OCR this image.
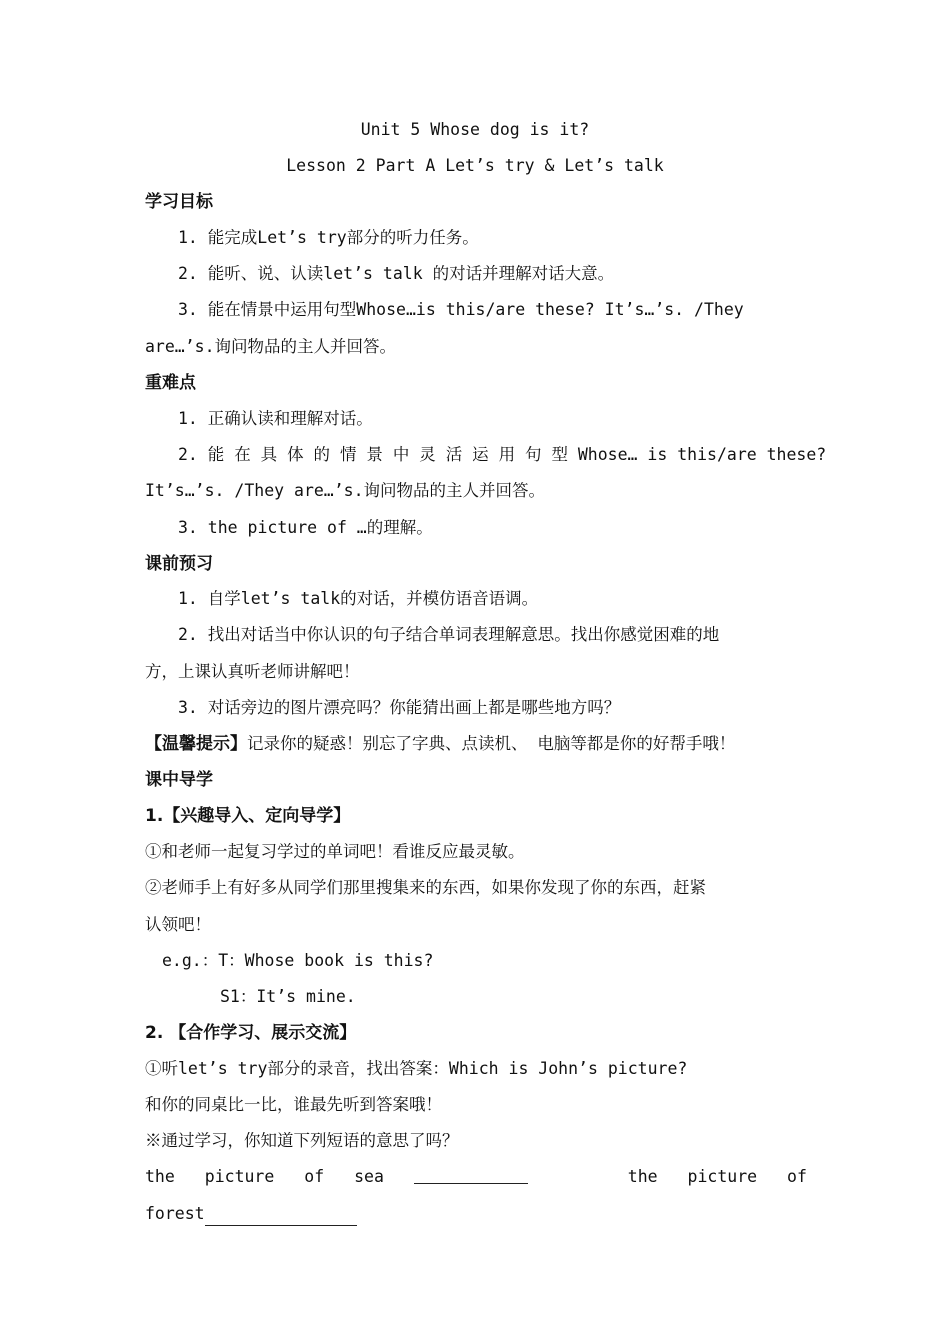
Unit 5 Whose dog is it?
Lesson 2 Part A Let’s try & Let’s talk
学习目标
1. 能完成Let’s try部分的听力任务。
2. 能听、说、认读let’s talk 的对话并理解对话大意。
3. 能在情景中运用句型Whose…is this/are these? It’s…’s. /They
are…’s.询问物品的主人并回答。
重难点
1. 正确认读和理解对话。
2. 能 在 具 体 的 情 景 中 灵 活 运 用 句 型 Whose… is this/are these?
It’s…’s. /They are…’s.询问物品的主人并回答。
3. the picture of …的理解。
课前预习
1. 自学let’s talk的对话，并模仿语音语调。
2. 找出对话当中你认识的句子结合单词表理解意思。找出你感觉困难的地
方，上课认真听老师讲解吧！
3. 对话旁边的图片漂亮吗？你能猜出画上都是哪些地方吗？
【温馨提示】记录你的疑惑！别忘了字典、点读机、 电脑等都是你的好帮手哦！
课中导学
1.【兴趣导入、定向导学】
①和老师一起复习学过的单词吧！看谁反应最灵敏。
②老师手上有好多从同学们那里搜集来的东西，如果你发现了你的东西，赶紧
认领吧！
e.g.：T：Whose book is this?
S1：It’s mine.
2. 【合作学习、展示交流】
①听let’s try部分的录音，找出答案：Which is John’s picture?
和你的同桌比一比，谁最先听到答案哦！
※通过学习，你知道下列短语的意思了吗？
the picture of sea	the picture of
forest
